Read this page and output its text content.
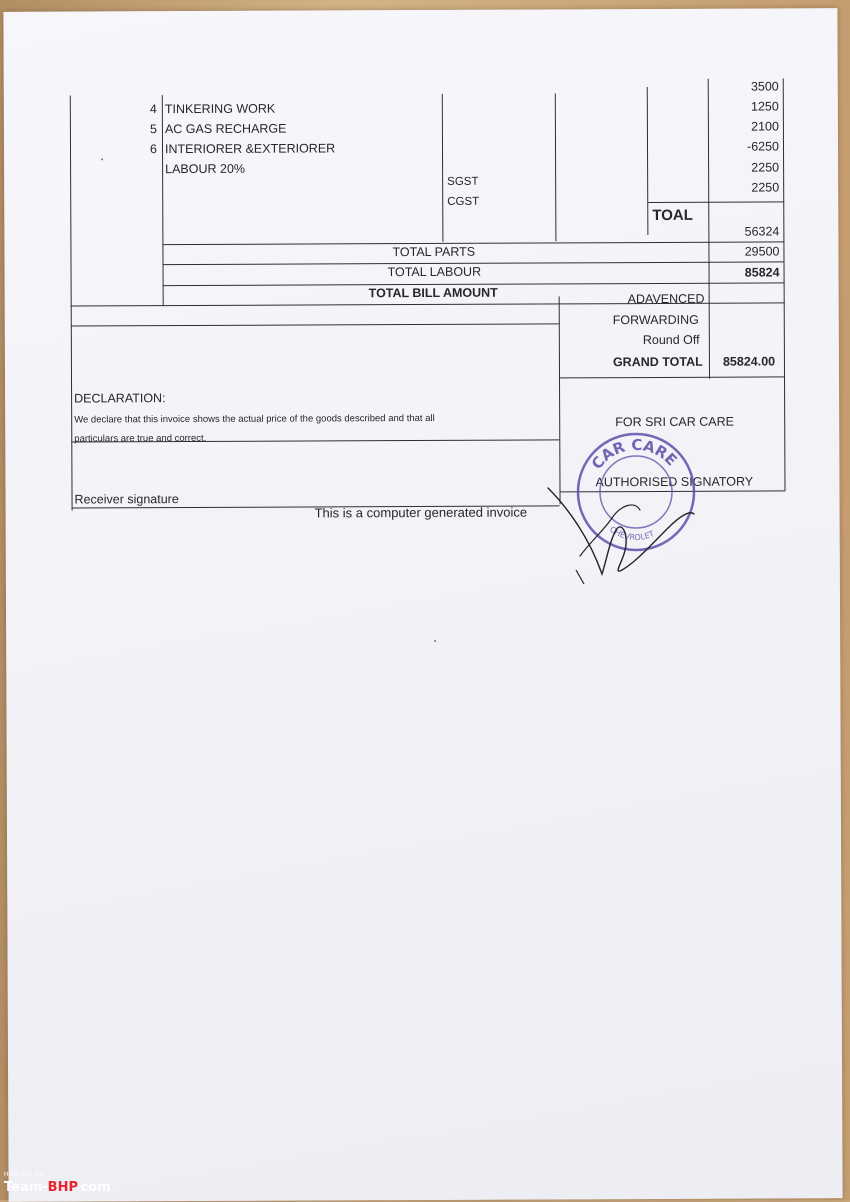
4 TINKERING WORK
5 AC GAS RECHARGE
6 INTERIORER &EXTERIORER
LABOUR 20%
SGST
CGST
3500
1250
2100
-6250
2250
2250
TOAL
TOTAL PARTS
56324
TOTAL LABOUR
29500
TOTAL BILL AMOUNT
85824
ADAVENCED
FORWARDING
Round Off
GRAND TOTAL 85824.00
DECLARATION:
We declare that this invoice shows the actual price of the goods described and that all
particulars are true and correct.
Receiver signature
FOR SRI CAR CARE
AUTHORISED SIGNATORY
This is a computer generated invoice
CAR CARE
CHEVROLET
HOSTED ON :
Team-BHP.com
